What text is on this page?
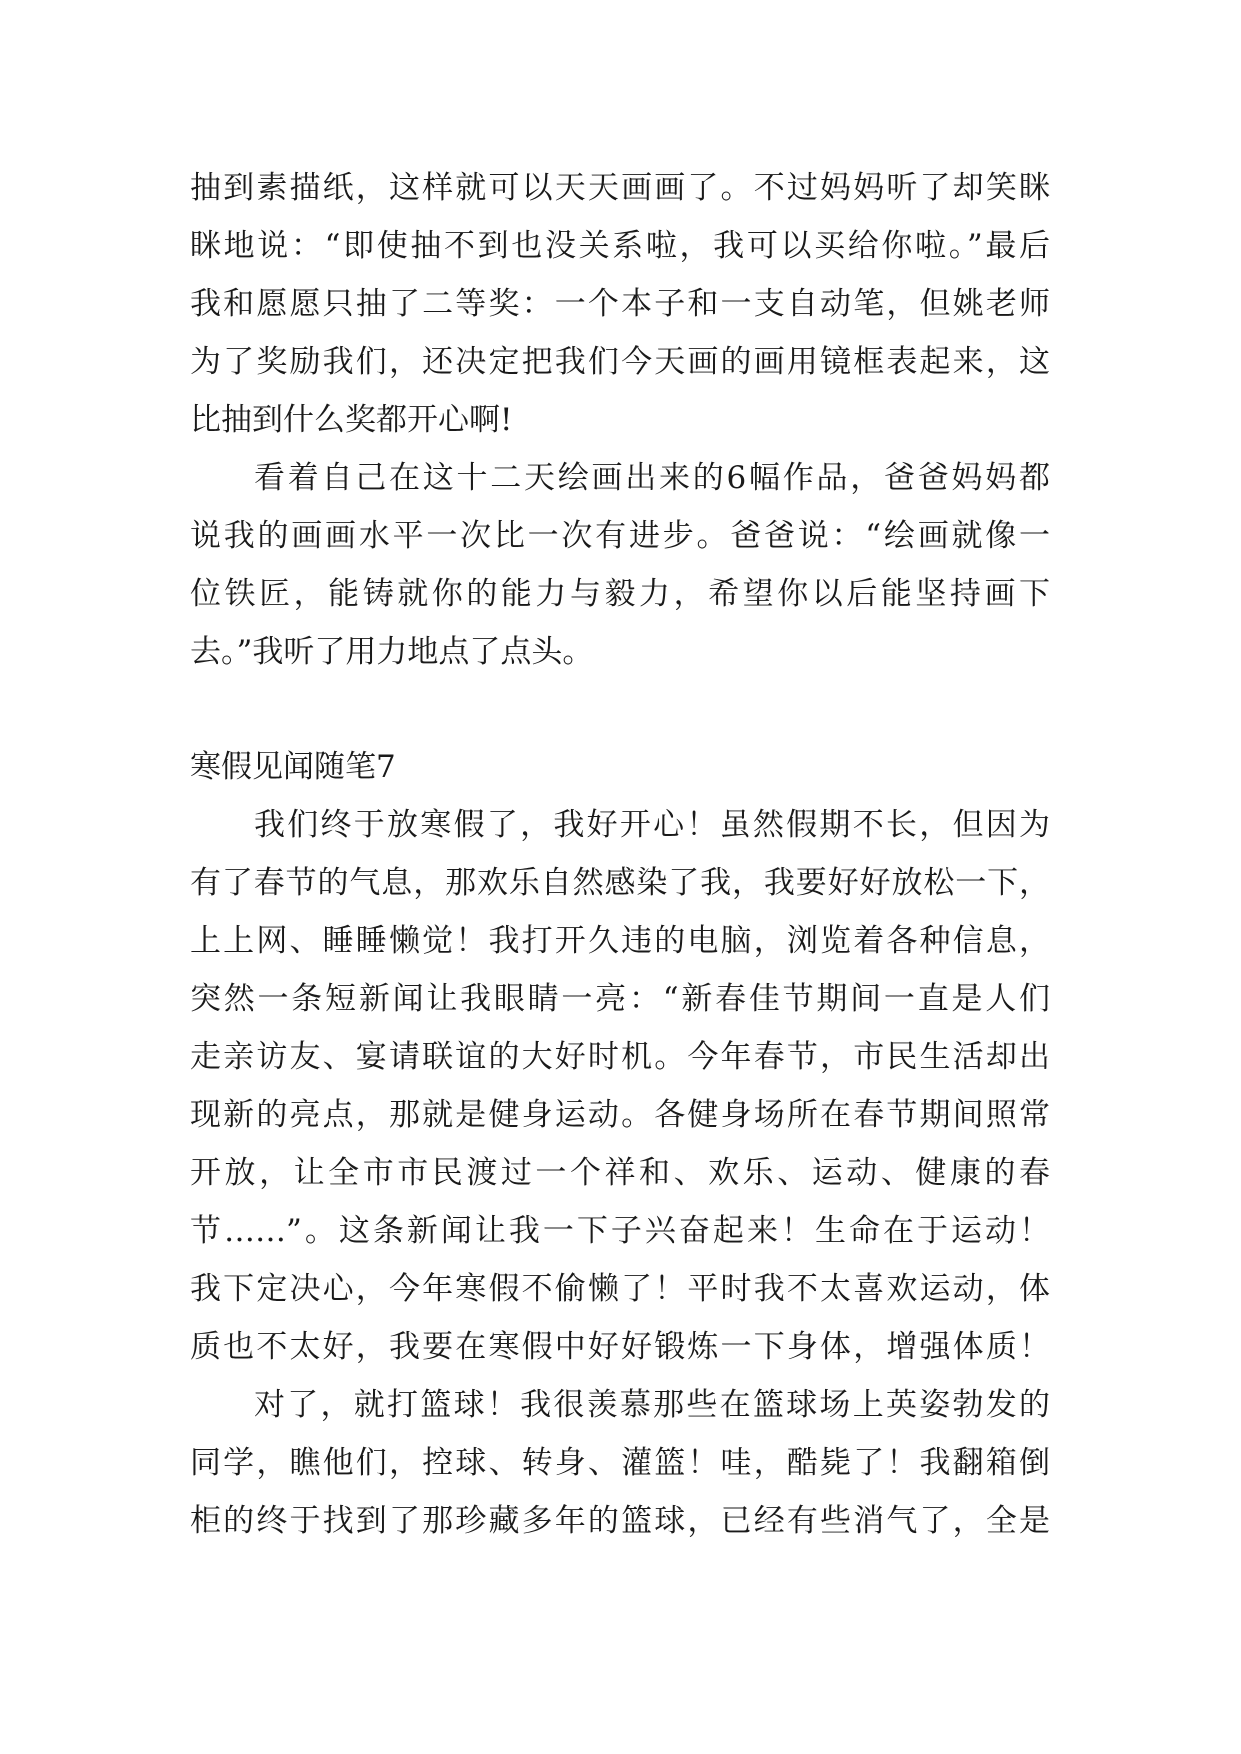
抽到素描纸，这样就可以天天画画了。不过妈妈听了却笑眯
眯地说：“即使抽不到也没关系啦，我可以买给你啦。”最后
我和愿愿只抽了二等奖：一个本子和一支自动笔，但姚老师
为了奖励我们，还决定把我们今天画的画用镜框表起来，这
比抽到什么奖都开心啊!
看着自己在这十二天绘画出来的6幅作品，爸爸妈妈都
说我的画画水平一次比一次有进步。爸爸说：“绘画就像一
位铁匠，能铸就你的能力与毅力，希望你以后能坚持画下
去。”我听了用力地点了点头。
寒假见闻随笔7
我们终于放寒假了，我好开心！虽然假期不长，但因为
有了春节的气息，那欢乐自然感染了我，我要好好放松一下，
上上网、睡睡懒觉！我打开久违的电脑，浏览着各种信息，
突然一条短新闻让我眼睛一亮：“新春佳节期间一直是人们
走亲访友、宴请联谊的大好时机。今年春节，市民生活却出
现新的亮点，那就是健身运动。各健身场所在春节期间照常
开放，让全市市民渡过一个祥和、欢乐、运动、健康的春
节……”。这条新闻让我一下子兴奋起来！生命在于运动！
我下定决心，今年寒假不偷懒了！平时我不太喜欢运动，体
质也不太好，我要在寒假中好好锻炼一下身体，增强体质！
对了，就打篮球！我很羡慕那些在篮球场上英姿勃发的
同学，瞧他们，控球、转身、灌篮！哇，酷毙了！我翻箱倒
柜的终于找到了那珍藏多年的篮球，已经有些消气了，全是
